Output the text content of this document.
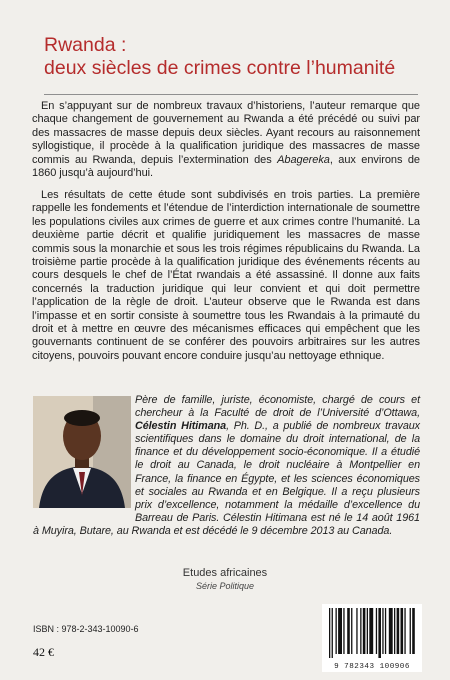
Rwanda :
deux siècles de crimes contre l’humanité
En s’appuyant sur de nombreux travaux d’historiens, l’auteur remarque que chaque changement de gouvernement au Rwanda a été précédé ou suivi par des massacres de masse depuis deux siècles. Ayant recours au raisonnement syllogistique, il procède à la qualification juridique des massacres de masse commis au Rwanda, depuis l’extermination des Abagereka, aux environs de 1860 jusqu’à aujourd’hui.
Les résultats de cette étude sont subdivisés en trois parties. La première rappelle les fondements et l’étendue de l’interdiction internationale de soumettre les populations civiles aux crimes de guerre et aux crimes contre l’humanité. La deuxième partie décrit et qualifie juridiquement les massacres de masse commis sous la monarchie et sous les trois régimes républicains du Rwanda. La troisième partie procède à la qualification juridique des événements récents au cours desquels le chef de l’État rwandais a été assassiné. Il donne aux faits concernés la traduction juridique qui leur convient et qui doit permettre l’application de la règle de droit. L’auteur observe que le Rwanda est dans l’impasse et en sortir consiste à soumettre tous les Rwandais à la primauté du droit et à mettre en œuvre des mécanismes efficaces qui empêchent que les gouvernants continuent de se conférer des pouvoirs arbitraires sur les autres citoyens, pouvoirs pouvant encore conduire jusqu’au nettoyage ethnique.
Père de famille, juriste, économiste, chargé de cours et chercheur à la Faculté de droit de l’Université d’Ottawa, Célestin Hitimana, Ph. D., a publié de nombreux travaux scientifiques dans le domaine du droit international, de la finance et du développement socio-économique. Il a étudié le droit au Canada, le droit nucléaire à Montpellier en France, la finance en Égypte, et les sciences économiques et sociales au Rwanda et en Belgique. Il a reçu plusieurs prix d’excellence, notamment la médaille d’excellence du Barreau de Paris. Célestin Hitimana est né le 14 août 1961 à Muyira, Butare, au Rwanda et est décédé le 9 décembre 2013 au Canada.
Etudes africaines
Série Politique
ISBN : 978-2-343-10090-6
42 €
9 782343 100906
